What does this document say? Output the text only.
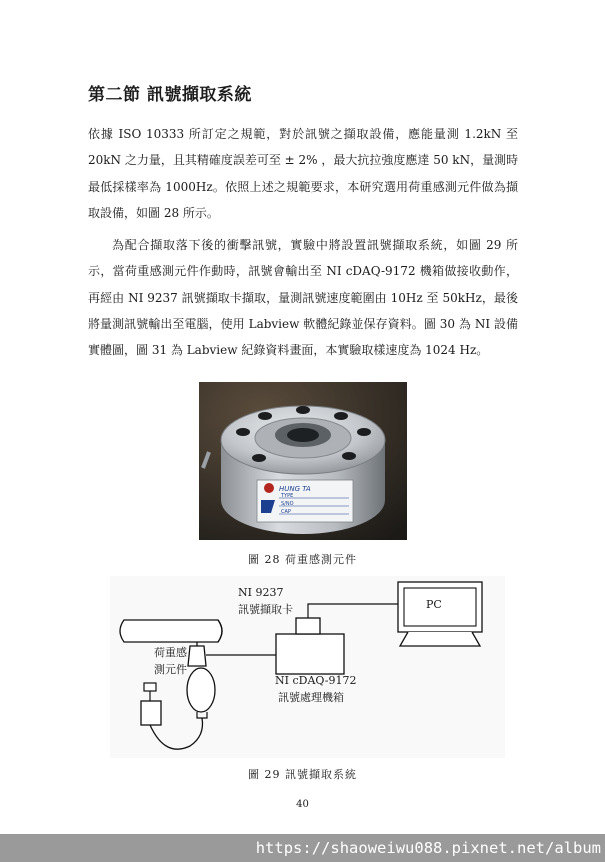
第二節 訊號擷取系統
依據 ISO 10333 所訂定之規範，對於訊號之擷取設備，應能量測 1.2kN 至
20kN 之力量，且其精確度誤差可至 ± 2% ，最大抗拉強度應達 50 kN，量測時
最低採樣率為 1000Hz。依照上述之規範要求，本研究選用荷重感測元件做為擷
取設備，如圖 28 所示。
為配合擷取落下後的衝擊訊號，實驗中將設置訊號擷取系統，如圖 29 所
示，當荷重感測元件作動時，訊號會輸出至 NI cDAQ-9172 機箱做接收動作，
再經由 NI 9237 訊號擷取卡擷取，量測訊號速度範圍由 10Hz 至 50kHz，最後
將量測訊號輸出至電腦，使用 Labview 軟體紀錄並保存資料。圖 30 為 NI 設備
實體圖，圖 31 為 Labview 紀錄資料畫面，本實驗取樣速度為 1024 Hz。
HUNG TA
TYPE
S/NO
CAP

圖 28 荷重感測元件

NI 9237
訊號擷取卡	PC
荷重感
測元件
NI cDAQ-9172
訊號處理機箱

圖 29 訊號擷取系統

40

https://shaoweiwu088.pixnet.net/album
